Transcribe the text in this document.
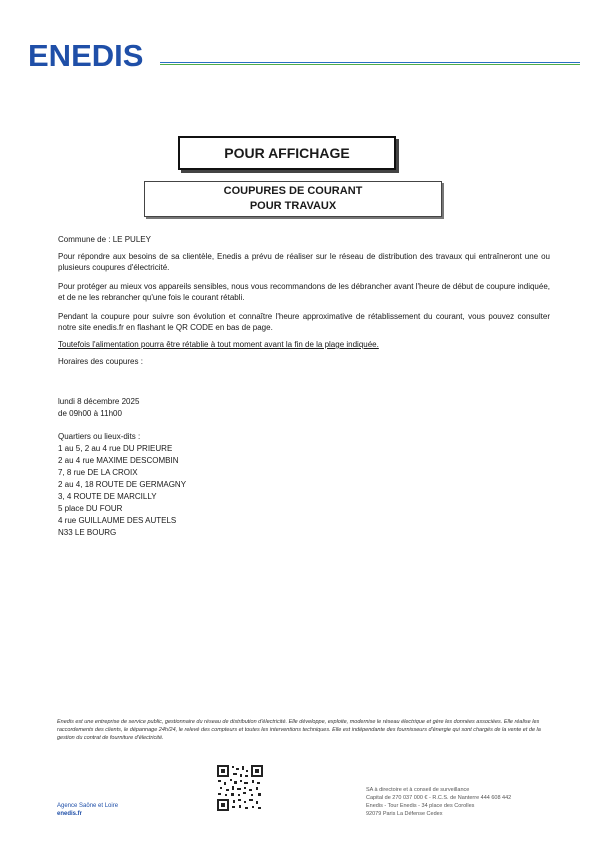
ENEDIS
POUR AFFICHAGE
COUPURES DE COURANT
POUR TRAVAUX

Commune de : LE PULEY

Pour répondre aux besoins de sa clientèle, Enedis a prévu de réaliser sur le réseau de distribution des travaux qui entraîneront une ou plusieurs coupures d'électricité.

Pour protéger au mieux vos appareils sensibles, nous vous recommandons de les débrancher avant l'heure de début de coupure indiquée, et de ne les rebrancher qu'une fois le courant rétabli.

Pendant la coupure pour suivre son évolution et connaître l'heure approximative de rétablissement du courant, vous pouvez consulter notre site enedis.fr en flashant le QR CODE en bas de page.

Toutefois l'alimentation pourra être rétablie à tout moment avant la fin de la plage indiquée.

Horaires des coupures :

lundi 8 décembre 2025

de 09h00 à 11h00

Quartiers ou lieux-dits :

1 au 5, 2 au 4 rue DU PRIEURE

2 au 4 rue MAXIME DESCOMBIN

7, 8 rue DE LA CROIX

2 au 4, 18 ROUTE DE GERMAGNY

3, 4 ROUTE DE MARCILLY

5 place DU FOUR

4 rue GUILLAUME DES AUTELS

N33 LE BOURG

Enedis est une entreprise de service public, gestionnaire du réseau de distribution d'électricité. Elle développe, exploite, modernise le réseau électrique et gère les données associées. Elle réalise les raccordements des clients, le dépannage 24h/24, le relevé des compteurs et toutes les interventions techniques. Elle est indépendante des fournisseurs d'énergie qui sont chargés de la vente et de la gestion du contrat de fourniture d'électricité.
Agence Saône et Loire
enedis.fr
SA à directoire et à conseil de surveillance
Capital de 270 037 000 € - R.C.S. de Nanterre 444 608 442
Enedis - Tour Enedis - 34 place des Corolles
92079 Paris La Défense Cedex
